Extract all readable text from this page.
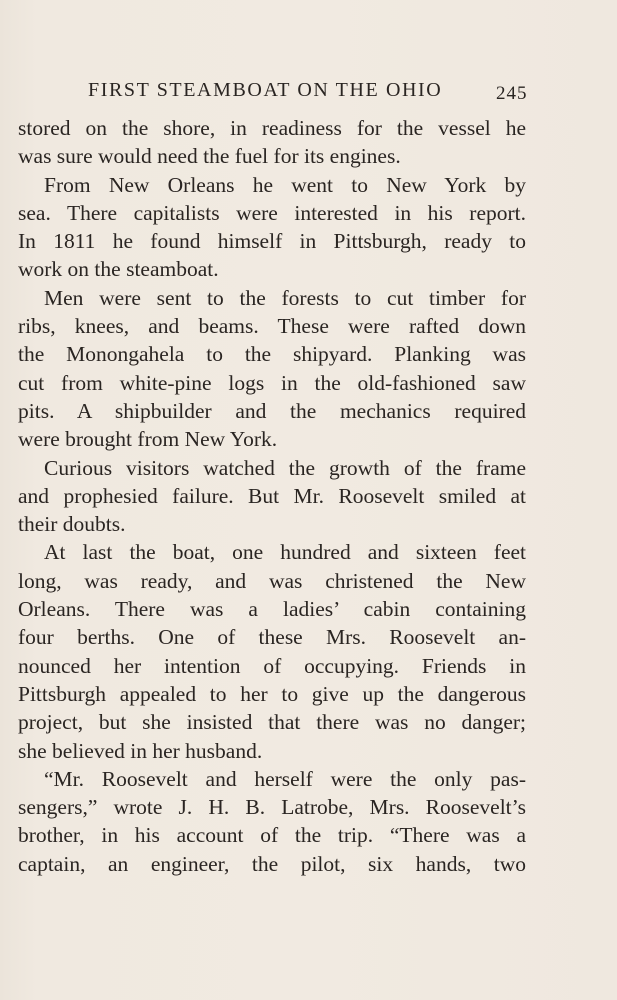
FIRST STEAMBOAT ON THE OHIO	245
stored on the shore, in readiness for the vessel he
was sure would need the fuel for its engines.
From New Orleans he went to New York by
sea. There capitalists were interested in his report.
In 1811 he found himself in Pittsburgh, ready to
work on the steamboat.
Men were sent to the forests to cut timber for
ribs, knees, and beams. These were rafted down
the Monongahela to the shipyard. Planking was
cut from white-pine logs in the old-fashioned saw
pits. A shipbuilder and the mechanics required
were brought from New York.
Curious visitors watched the growth of the frame
and prophesied failure. But Mr. Roosevelt smiled at
their doubts.
At last the boat, one hundred and sixteen feet
long, was ready, and was christened the New
Orleans. There was a ladies’ cabin containing
four berths. One of these Mrs. Roosevelt an-
nounced her intention of occupying. Friends in
Pittsburgh appealed to her to give up the dangerous
project, but she insisted that there was no danger;
she believed in her husband.
“Mr. Roosevelt and herself were the only pas-
sengers,” wrote J. H. B. Latrobe, Mrs. Roosevelt’s
brother, in his account of the trip. “There was a
captain, an engineer, the pilot, six hands, two
